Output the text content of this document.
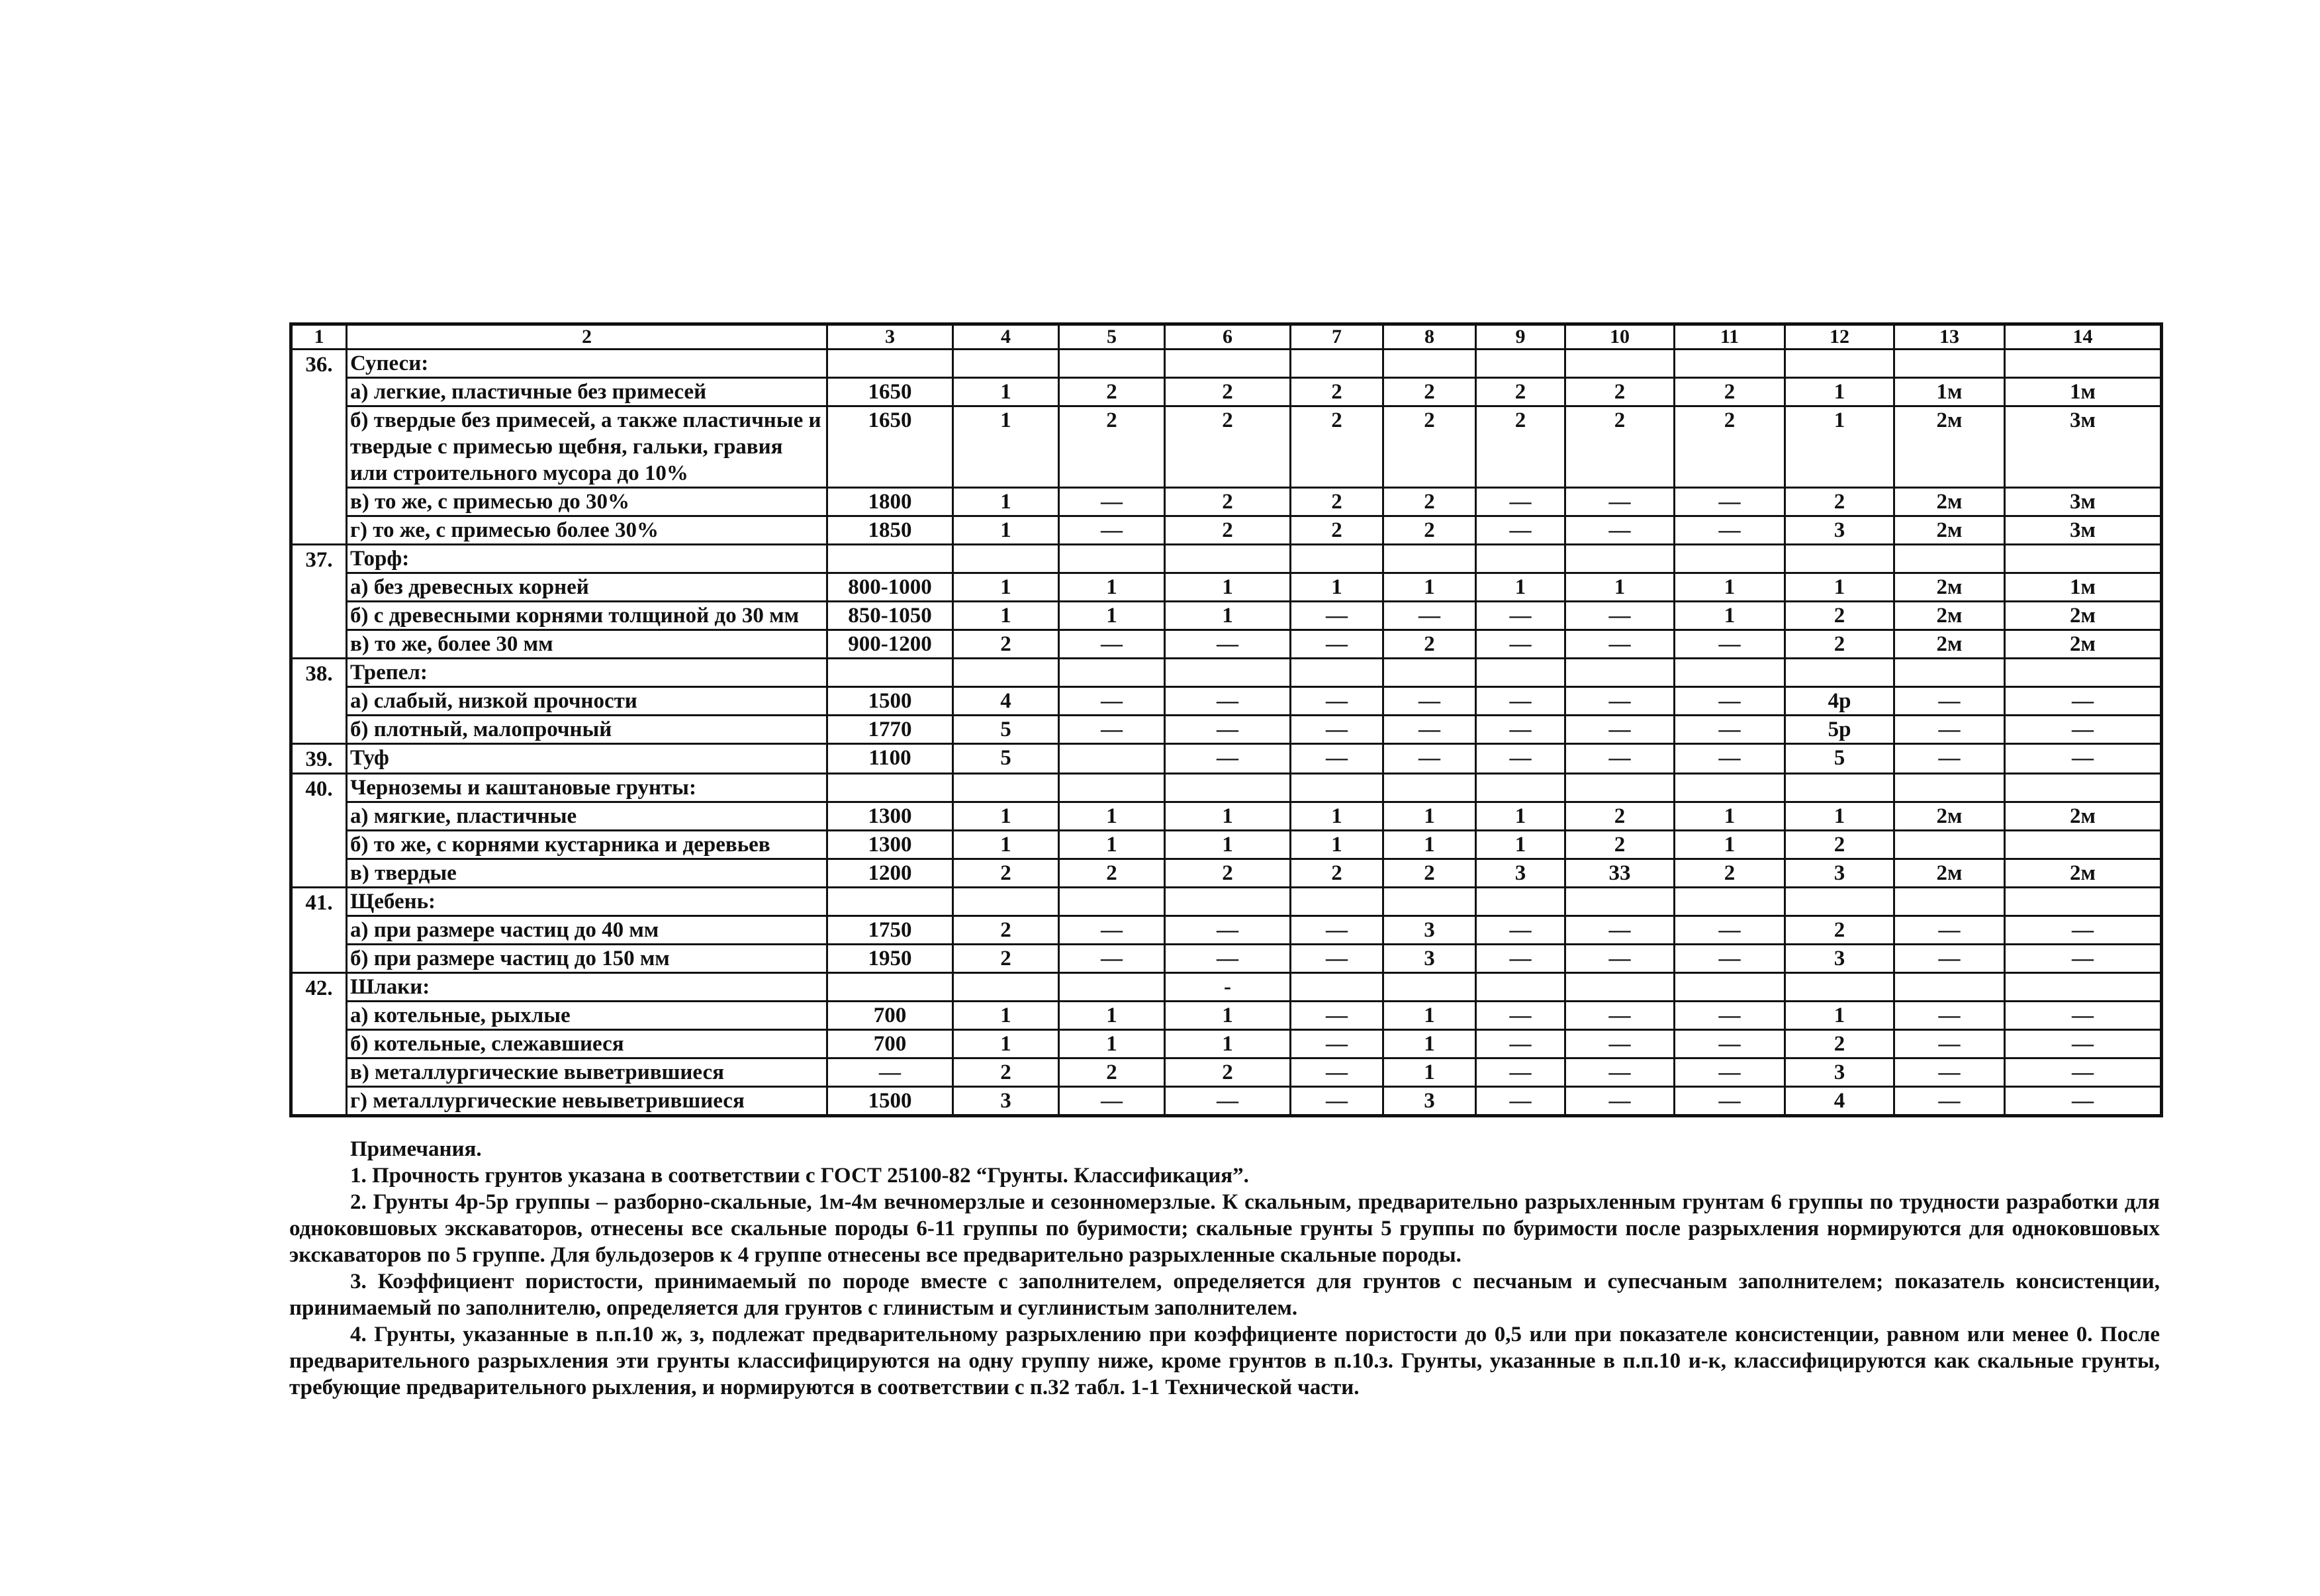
1	2	3	4	5	6	7	8	9	10	11	12	13	14
36.	Супеси:												
	а) легкие, пластичные без примесей	1650	1	2	2	2	2	2	2	2	1	1м	1м
	б) твердые без примесей, а также пластичные и твердые с примесью щебня, гальки, гравия или строительного мусора до 10%	1650	1	2	2	2	2	2	2	2	1	2м	3м
	в) то же, с примесью до 30%	1800	1	—	2	2	2	—	—	—	2	2м	3м
	г) то же, с примесью более 30%	1850	1	—	2	2	2	—	—	—	3	2м	3м
37.	Торф:												
	а) без древесных корней	800-1000	1	1	1	1	1	1	1	1	1	2м	1м
	б) с древесными корнями толщиной до 30 мм	850-1050	1	1	1	—	—	—	—	1	2	2м	2м
	в) то же, более 30 мм	900-1200	2	—	—	—	2	—	—	—	2	2м	2м
38.	Трепел:												
	а) слабый, низкой прочности	1500	4	—	—	—	—	—	—	—	4р	—	—
	б) плотный, малопрочный	1770	5	—	—	—	—	—	—	—	5р	—	—
39.	Туф	1100	5		—	—	—	—	—	—	5	—	—
40.	Черноземы и каштановые грунты:												
	а) мягкие, пластичные	1300	1	1	1	1	1	1	2	1	1	2м	2м
	б) то же, с корнями кустарника и деревьев	1300	1	1	1	1	1	1	2	1	2		
	в) твердые	1200	2	2	2	2	2	3	33	2	3	2м	2м
41.	Щебень:												
	а) при размере частиц до 40 мм	1750	2	—	—	—	3	—	—	—	2	—	—
	б) при размере частиц до 150 мм	1950	2	—	—	—	3	—	—	—	3	—	—
42.	Шлаки:				-								
	а) котельные, рыхлые	700	1	1	1	—	1	—	—	—	1	—	—
	б) котельные, слежавшиеся	700	1	1	1	—	1	—	—	—	2	—	—
	в) металлургические выветрившиеся	—	2	2	2	—	1	—	—	—	3	—	—
	г) металлургические невыветрившиеся	1500	3	—	—	—	3	—	—	—	4	—	—
Примечания.

1. Прочность грунтов указана в соответствии с ГОСТ 25100-82 “Грунты. Классификация”.

2. Грунты 4р-5р группы – разборно-скальные, 1м-4м вечномерзлые и сезонномерзлые. К скальным, предварительно разрыхленным грунтам 6 группы по трудности разработки для одноковшовых экскаваторов, отнесены все скальные породы 6-11 группы по буримости; скальные грунты 5 группы по буримости после разрыхления нормируются для одноковшовых экскаваторов по 5 группе. Для бульдозеров к 4 группе отнесены все предварительно разрыхленные скальные породы.

3. Коэффициент пористости, принимаемый по породе вместе с заполнителем, определяется для грунтов с песчаным и супесчаным заполнителем; показатель консистенции, принимаемый по заполнителю, определяется для грунтов с глинистым и суглинистым заполнителем.

4. Грунты, указанные в п.п.10 ж, з, подлежат предварительному разрыхлению при коэффициенте пористости до 0,5 или при показателе консистенции, равном или менее 0. После предварительного разрыхления эти грунты классифицируются на одну группу ниже, кроме грунтов в п.10.з. Грунты, указанные в п.п.10 и-к, классифицируются как скальные грунты, требующие предварительного рыхления, и нормируются в соответствии с п.32 табл. 1-1 Технической части.
